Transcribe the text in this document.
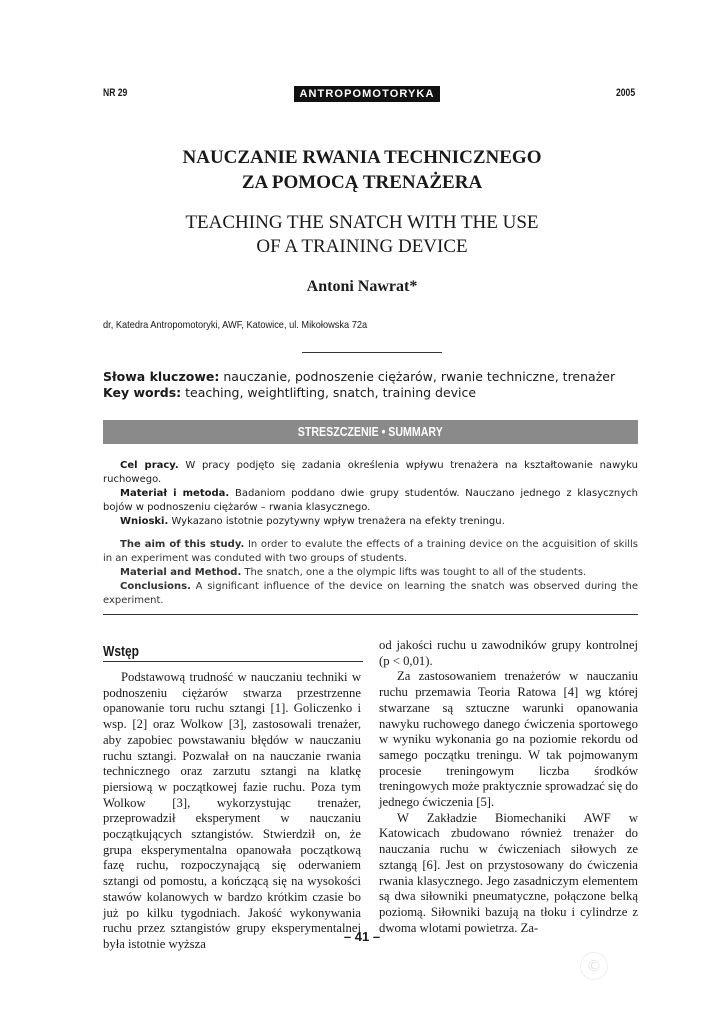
NR 29	ANTROPOMOTORYKA	2005
NAUCZANIE RWANIA TECHNICZNEGO
ZA POMOCĄ TRENAŻERA
TEACHING THE SNATCH WITH THE USE
OF A TRAINING DEVICE
Antoni Nawrat*
dr, Katedra Antropomotoryki, AWF, Katowice, ul. Mikołowska 72a
Słowa kluczowe: nauczanie, podnoszenie ciężarów, rwanie techniczne, trenażer
Key words: teaching, weightlifting, snatch, training device
STRESZCZENIE • SUMMARY

Cel pracy. W pracy podjęto się zadania określenia wpływu trenażera na kształtowanie nawyku ruchowego.

Materiał i metoda. Badaniom poddano dwie grupy studentów. Nauczano jednego z klasycznych bojów w podnoszeniu ciężarów – rwania klasycznego.

Wnioski. Wykazano istotnie pozytywny wpływ trenażera na efekty treningu.

The aim of this study. In order to evalute the effects of a training device on the acguisition of skills in an experiment was conduted with two groups of students.

Material and Method. The snatch, one a the olympic lifts was tought to all of the students.

Conclusions. A significant influence of the device on learning the snatch was observed during the experiment.

Wstęp

Podstawową trudność w nauczaniu techniki w podnoszeniu ciężarów stwarza przestrzenne opanowanie toru ruchu sztangi [1]. Goliczenko i wsp. [2] oraz Wolkow [3], zastosowali trenażer, aby zapobiec powstawaniu błędów w nauczaniu ruchu sztangi. Pozwalał on na nauczanie rwania technicznego oraz zarzutu sztangi na klatkę piersiową w początkowej fazie ruchu. Poza tym Wolkow [3], wykorzystując trenażer, przeprowadził eksperyment w nauczaniu początkujących sztangistów. Stwierdził on, że grupa eksperymentalna opanowała początkową fazę ruchu, rozpoczynającą się oderwaniem sztangi od pomostu, a kończącą się na wysokości stawów kolanowych w bardzo krótkim czasie bo już po kilku tygodniach. Jakość wykonywania ruchu przez sztangistów grupy eksperymentalnej była istotnie wyższa

od jakości ruchu u zawodników grupy kontrolnej (p < 0,01).

Za zastosowaniem trenażerów w nauczaniu ruchu przemawia Teoria Ratowa [4] wg której stwarzane są sztuczne warunki opanowania nawyku ruchowego danego ćwiczenia sportowego w wyniku wykonania go na poziomie rekordu od samego początku treningu. W tak pojmowanym procesie treningowym liczba środków treningowych może praktycznie sprowadzać się do jednego ćwiczenia [5].

W Zakładzie Biomechaniki AWF w Katowicach zbudowano również trenażer do nauczania ruchu w ćwiczeniach siłowych ze sztangą [6]. Jest on przystosowany do ćwiczenia rwania klasycznego. Jego zasadniczym elementem są dwa siłowniki pneumatyczne, połączone belką poziomą. Siłowniki bazują na tłoku i cylindrze z dwoma wlotami powietrza. Za-

– 41 –
©
